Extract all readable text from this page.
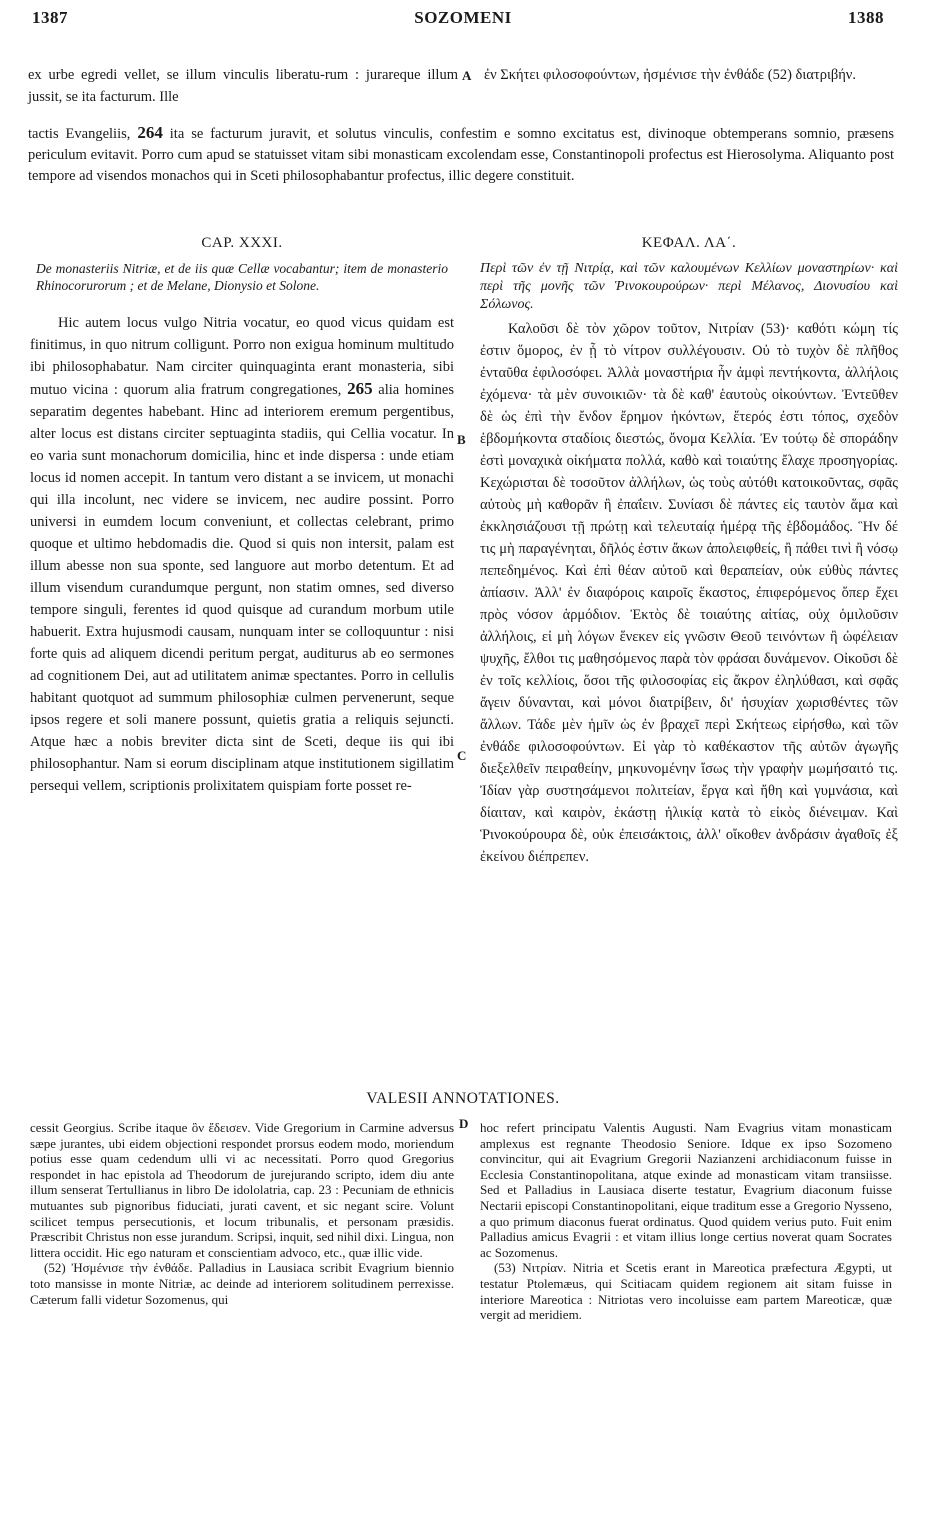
1387	SOZOMENI	1388
ex urbe egredi vellet, se illum vinculis liberatu-rum : jurareque illum jussit, se ita facturum. Ille
A ἐν Σκήτει φιλοσοφούντων, ἠσμένισε τὴν ἐνθάδε (52) διατριβήν.
tactis Evangeliis, 264 ita se facturum juravit, et solutus vinculis, confestim e somno excitatus est, divinoque obtemperans somnio, præsens periculum evitavit. Porro cum apud se statuisset vitam sibi monasticam excolendam esse, Constantinopoli profectus est Hierosolyma. Aliquanto post tempore ad visendos monachos qui in Sceti philosophabantur profectus, illic degere constituit.
CAP. XXXI.
De monasteriis Nitriæ, et de iis quæ Cellæ vocabantur; item de monasterio Rhinocorurorum ; et de Melane, Dionysio et Solone.
Hic autem locus vulgo Nitria vocatur, eo quod vicus quidam est finitimus, in quo nitrum colligunt. Porro non exigua hominum multitudo ibi philosophabatur. Nam circiter quinquaginta erant monasteria, sibi mutuo vicina : quorum alia fratrum congregationes, 265 alia homines separatim degentes habebant. Hinc ad interiorem eremum pergentibus, alter locus est distans circiter septuaginta stadiis, qui Cellia vocatur. In eo varia sunt monachorum domicilia, hinc et inde dispersa : unde etiam locus id nomen accepit. In tantum vero distant a se invicem, ut monachi qui illa incolunt, nec videre se invicem, nec audire possint. Porro universi in eumdem locum conveniunt, et collectas celebrant, primo quoque et ultimo hebdomadis die. Quod si quis non intersit, palam est illum abesse non sua sponte, sed languore aut morbo detentum. Et ad illum visendum curandumque pergunt, non statim omnes, sed diverso tempore singuli, ferentes id quod quisque ad curandum morbum utile habuerit. Extra hujusmodi causam, nunquam inter se colloquuntur : nisi forte quis ad aliquem dicendi peritum pergat, auditurus ab eo sermones ad cognitionem Dei, aut ad utilitatem animæ spectantes. Porro in cellulis habitant quotquot ad summum philosophiæ culmen pervenerunt, seque ipsos regere et soli manere possunt, quietis gratia a reliquis sejuncti. Atque hæc a nobis breviter dicta sint de Sceti, deque iis qui ibi philosophantur. Nam si eorum disciplinam atque institutionem sigillatim persequi vellem, scriptionis prolixitatem quispiam forte posset re-
B
C
ΚΕΦΑΛ. ΛΑ΄.
Περὶ τῶν ἐν τῇ Νιτρίᾳ, καὶ τῶν καλουμένων Κελλίων μοναστηρίων· καὶ περὶ τῆς μονῆς τῶν Ῥινοκουρούρων· περὶ Μέλανος, Διονυσίου καὶ Σόλωνος.
Καλοῦσι δὲ τὸν χῶρον τοῦτον, Νιτρίαν (53)· καθότι κώμη τίς ἐστιν ὅμορος, ἐν ᾗ τὸ νίτρον συλλέγουσιν. Οὐ τὸ τυχὸν δὲ πλῆθος ἐνταῦθα ἐφιλοσόφει. Ἀλλὰ μοναστήρια ἦν ἀμφὶ πεντήκοντα, ἀλλήλοις ἐχόμενα· τὰ μὲν συνοικιῶν· τὰ δὲ καθ' ἑαυτοὺς οἰκούντων. Ἐντεῦθεν δὲ ὡς ἐπὶ τὴν ἔνδον ἔρημον ἡκόντων, ἕτερός ἐστι τόπος, σχεδὸν ἑβδομήκοντα σταδίοις διεστώς, ὄνομα Κελλία. Ἐν τούτῳ δὲ σποράδην ἐστὶ μοναχικὰ οἰκήματα πολλά, καθὸ καὶ τοιαύτης ἔλαχε προσηγορίας. Κεχώρισται δὲ τοσοῦτον ἀλλήλων, ὡς τοὺς αὐτόθι κατοικοῦντας, σφᾶς αὐτοὺς μὴ καθορᾶν ἢ ἐπαΐειν. Συνίασι δὲ πάντες εἰς ταυτὸν ἅμα καὶ ἐκκλησιάζουσι τῇ πρώτῃ καὶ τελευταίᾳ ἡμέρᾳ τῆς ἑβδομάδος. Ἣν δέ τις μὴ παραγένηται, δῆλός ἐστιν ἄκων ἀπολειφθείς, ἢ πάθει τινὶ ἢ νόσῳ πεπεδημένος. Καὶ ἐπὶ θέαν αὐτοῦ καὶ θεραπείαν, οὐκ εὐθὺς πάντες ἀπίασιν. Ἀλλ' ἐν διαφόροις καιροῖς ἕκαστος, ἐπιφερόμενος ὅπερ ἔχει πρὸς νόσον ἁρμόδιον. Ἐκτὸς δὲ τοιαύτης αἰτίας, οὐχ ὁμιλοῦσιν ἀλλήλοις, εἰ μὴ λόγων ἕνεκεν εἰς γνῶσιν Θεοῦ τεινόντων ἢ ὠφέλειαν ψυχῆς, ἔλθοι τις μαθησόμενος παρὰ τὸν φράσαι δυνάμενον. Οἰκοῦσι δὲ ἐν τοῖς κελλίοις, ὅσοι τῆς φιλοσοφίας εἰς ἄκρον ἐληλύθασι, καὶ σφᾶς ἄγειν δύνανται, καὶ μόνοι διατρίβειν, δι' ἡσυχίαν χωρισθέντες τῶν ἄλλων. Τάδε μὲν ἡμῖν ὡς ἐν βραχεῖ περὶ Σκήτεως εἰρήσθω, καὶ τῶν ἐνθάδε φιλοσοφούντων. Εἰ γὰρ τὸ καθέκαστον τῆς αὐτῶν ἀγωγῆς διεξελθεῖν πειραθείην, μηκυνομένην ἴσως τὴν γραφὴν μωμήσαιτό τις. Ἰδίαν γὰρ συστησάμενοι πολιτείαν, ἔργα καὶ ἤθη καὶ γυμνάσια, καὶ δίαιταν, καὶ καιρὸν, ἑκάστῃ ἡλικίᾳ κατὰ τὸ εἰκὸς διένειμαν. Καὶ Ῥινοκούρουρα δὲ, οὐκ ἐπεισάκτοις, ἀλλ' οἴκοθεν ἀνδράσιν ἀγαθοῖς ἐξ ἐκείνου διέπρεπεν.
VALESII ANNOTATIONES.
D

cessit Georgius. Scribe itaque ὃν ἔδεισεν. Vide Gregorium in Carmine adversus sæpe jurantes, ubi eidem objectioni respondet prorsus eodem modo, moriendum potius esse quam cedendum ulli vi ac necessitati. Porro quod Gregorius respondet in hac epistola ad Theodorum de jurejurando scripto, idem diu ante illum senserat Tertullianus in libro De idololatria, cap. 23 : Pecuniam de ethnicis mutuantes sub pignoribus fiduciati, jurati cavent, et sic negant scire. Volunt scilicet tempus persecutionis, et locum tribunalis, et personam præsidis. Præscribit Christus non esse jurandum. Scripsi, inquit, sed nihil dixi. Lingua, non littera occidit. Hic ego naturam et conscientiam advoco, etc., quæ illic vide.

(52) Ἠσμένισε τὴν ἐνθάδε. Palladius in Lausiaca scribit Evagrium biennio toto mansisse in monte Nitriæ, ac deinde ad interiorem solitudinem perrexisse. Cæterum falli videtur Sozomenus, qui

hoc refert principatu Valentis Augusti. Nam Evagrius vitam monasticam amplexus est regnante Theodosio Seniore. Idque ex ipso Sozomeno convincitur, qui ait Evagrium Gregorii Nazianzeni archidiaconum fuisse in Ecclesia Constantinopolitana, atque exinde ad monasticam vitam transiisse. Sed et Palladius in Lausiaca diserte testatur, Evagrium diaconum fuisse Nectarii episcopi Constantinopolitani, eique traditum esse a Gregorio Nysseno, a quo primum diaconus fuerat ordinatus. Quod quidem verius puto. Fuit enim Palladius amicus Evagrii : et vitam illius longe certius noverat quam Socrates ac Sozomenus.

(53) Νιτρίαν. Nitria et Scetis erant in Mareotica præfectura Ægypti, ut testatur Ptolemæus, qui Scitiacam quidem regionem ait sitam fuisse in interiore Mareotica : Nitriotas vero incoluisse eam partem Mareoticæ, quæ vergit ad meridiem.
